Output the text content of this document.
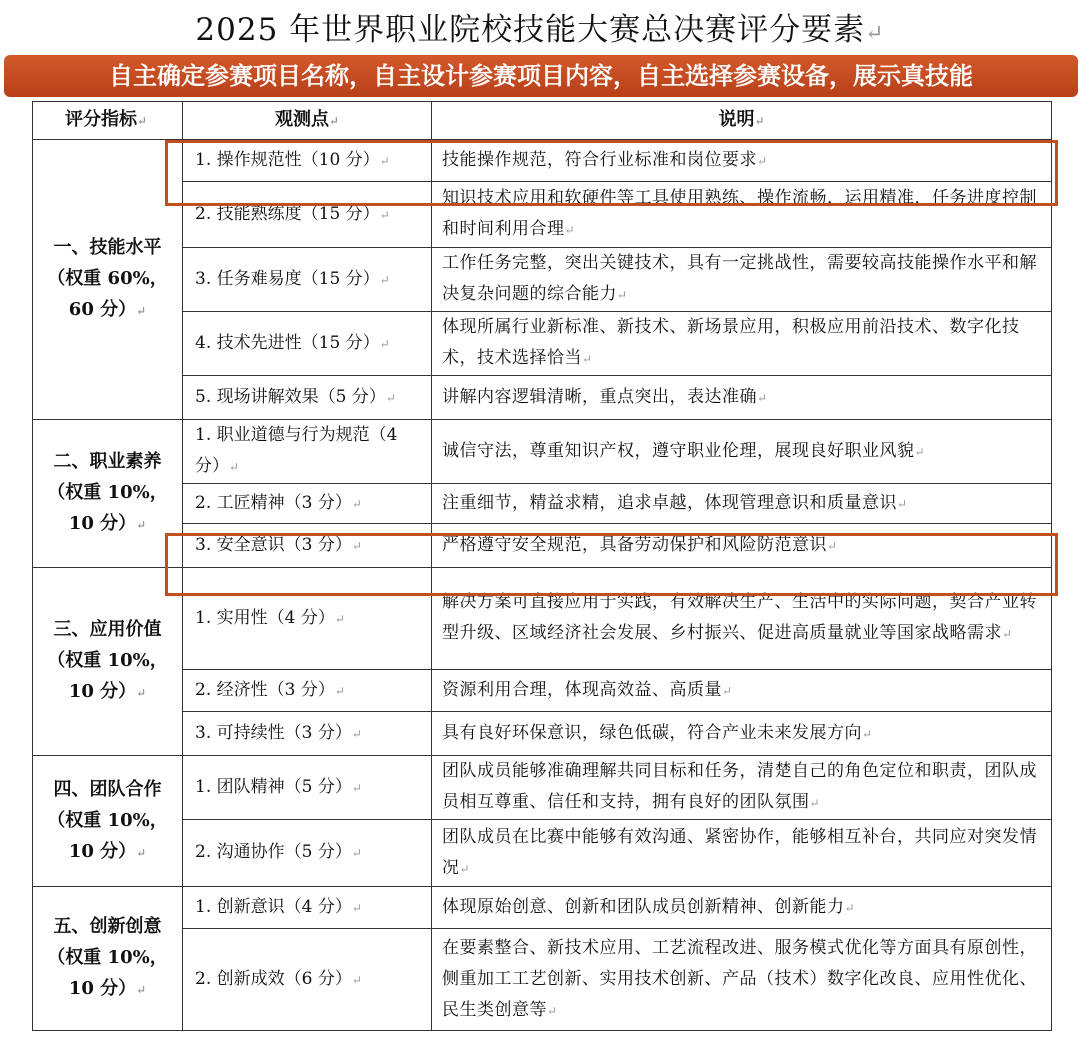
2025 年世界职业院校技能大赛总决赛评分要素↵
自主确定参赛项目名称，自主设计参赛项目内容，自主选择参赛设备，展示真技能
评分指标↵	观测点↵	说明↵

一、技能水平
（权重 60%，
60 分）↵	1. 操作规范性（10 分）↵	技能操作规范，符合行业标准和岗位要求↵
	2. 技能熟练度（15 分）↵	知识技术应用和软硬件等工具使用熟练、操作流畅，运用精准，任务进度控制和时间利用合理↵
	3. 任务难易度（15 分）↵	工作任务完整，突出关键技术，具有一定挑战性，需要较高技能操作水平和解决复杂问题的综合能力↵
	4. 技术先进性（15 分）↵	体现所属行业新标准、新技术、新场景应用，积极应用前沿技术、数字化技术，技术选择恰当↵
	5. 现场讲解效果（5 分）↵	讲解内容逻辑清晰，重点突出，表达准确↵

二、职业素养
（权重 10%，
10 分）↵	1. 职业道德与行为规范（4 分）↵	诚信守法，尊重知识产权，遵守职业伦理，展现良好职业风貌↵
	2. 工匠精神（3 分）↵	注重细节，精益求精，追求卓越，体现管理意识和质量意识↵
	3. 安全意识（3 分）↵	严格遵守安全规范，具备劳动保护和风险防范意识↵

三、应用价值
（权重 10%，
10 分）↵	1. 实用性（4 分）↵	解决方案可直接应用于实践，有效解决生产、生活中的实际问题，契合产业转型升级、区域经济社会发展、乡村振兴、促进高质量就业等国家战略需求↵
	2. 经济性（3 分）↵	资源利用合理，体现高效益、高质量↵
	3. 可持续性（3 分）↵	具有良好环保意识，绿色低碳，符合产业未来发展方向↵

四、团队合作
（权重 10%，
10 分）↵	1. 团队精神（5 分）↵	团队成员能够准确理解共同目标和任务，清楚自己的角色定位和职责，团队成员相互尊重、信任和支持，拥有良好的团队氛围↵
	2. 沟通协作（5 分）↵	团队成员在比赛中能够有效沟通、紧密协作，能够相互补台，共同应对突发情况↵

五、创新创意
（权重 10%，
10 分）↵	1. 创新意识（4 分）↵	体现原始创意、创新和团队成员创新精神、创新能力↵
	2. 创新成效（6 分）↵	在要素整合、新技术应用、工艺流程改进、服务模式优化等方面具有原创性，侧重加工工艺创新、实用技术创新、产品（技术）数字化改良、应用性优化、民生类创意等↵
